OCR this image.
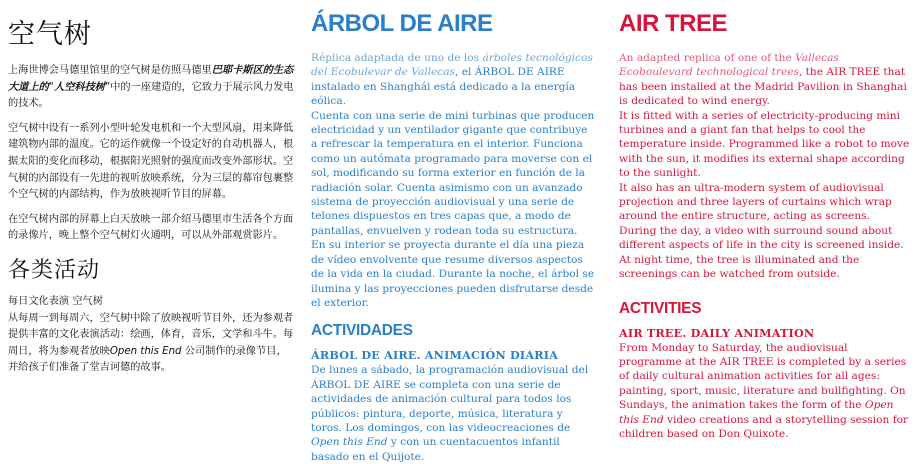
空气树

上海世博会马德里馆里的空气树是仿照马德里巴耶卡斯区的生态大道上的“人空科技树”中的一座建造的，它致力于展示风力发电的技术。

空气树中设有一系列小型叶轮发电机和一个大型风扇，用来降低建筑物内部的温度。它的运作就像一个设定好的自动机器人，根据太阳的变化而移动，根据阳光照射的强度而改变外部形状。空气树的内部设有一先进的视听放映系统，分为三层的幕帘包裹整个空气树的内部结构，作为放映视听节目的屏幕。

在空气树内部的屏幕上白天放映一部介绍马德里市生活各个方面的录像片，晚上整个空气树灯火通明，可以从外部观赏影片。

各类活动

每日文化表演 空气树

从每周一到每周六，空气树中除了放映视听节目外，还为参观者提供丰富的文化表演活动：绘画，体育，音乐，文学和斗牛。每周日，将为参观者放映Open this End 公司制作的录像节目，并给孩子们准备了堂吉诃德的故事。

ÁRBOL DE AIRE

Réplica adaptada de uno de los árboles tecnológicos del Ecobulevar de Vallecas, el ÁRBOL DE AIRE instalado en Shanghái está dedicado a la energía eólica.

Cuenta con una serie de mini turbinas que producen electricidad y un ventilador gigante que contribuye a refrescar la temperatura en el interior. Funciona como un autómata programado para moverse con el sol, modificando su forma exterior en función de la radiación solar. Cuenta asimismo con un avanzado sistema de proyección audiovisual y una serie de telones dispuestos en tres capas que, a modo de pantallas, envuelven y rodean toda su estructura.

En su interior se proyecta durante el día una pieza de vídeo envolvente que resume diversos aspectos de la vida en la ciudad. Durante la noche, el árbol se ilumina y las proyecciones pueden disfrutarse desde el exterior.

ACTIVIDADES

ÁRBOL DE AIRE. ANIMACIÓN DIARIA

De lunes a sábado, la programación audiovisual del ÁRBOL DE AIRE se completa con una serie de actividades de animación cultural para todos los públicos: pintura, deporte, música, literatura y toros. Los domingos, con las videocreaciones de Open this End y con un cuentacuentos infantil basado en el Quijote.

AIR TREE

An adapted replica of one of the Vallecas Ecoboulevard technological trees, the AIR TREE that has been installed at the Madrid Pavilion in Shanghai is dedicated to wind energy.

It is fitted with a series of electricity-producing mini turbines and a giant fan that helps to cool the temperature inside. Programmed like a robot to move with the sun, it modifies its external shape according to the sunlight.

It also has an ultra-modern system of audiovisual projection and three layers of curtains which wrap around the entire structure, acting as screens.

During the day, a video with surround sound about different aspects of life in the city is screened inside.

At night time, the tree is illuminated and the screenings can be watched from outside.

ACTIVITIES

AIR TREE. DAILY ANIMATION

From Monday to Saturday, the audiovisual programme at the AIR TREE is completed by a series of daily cultural animation activities for all ages: painting, sport, music, literature and bullfighting. On Sundays, the animation takes the form of the Open this End video creations and a storytelling session for children based on Don Quixote.
